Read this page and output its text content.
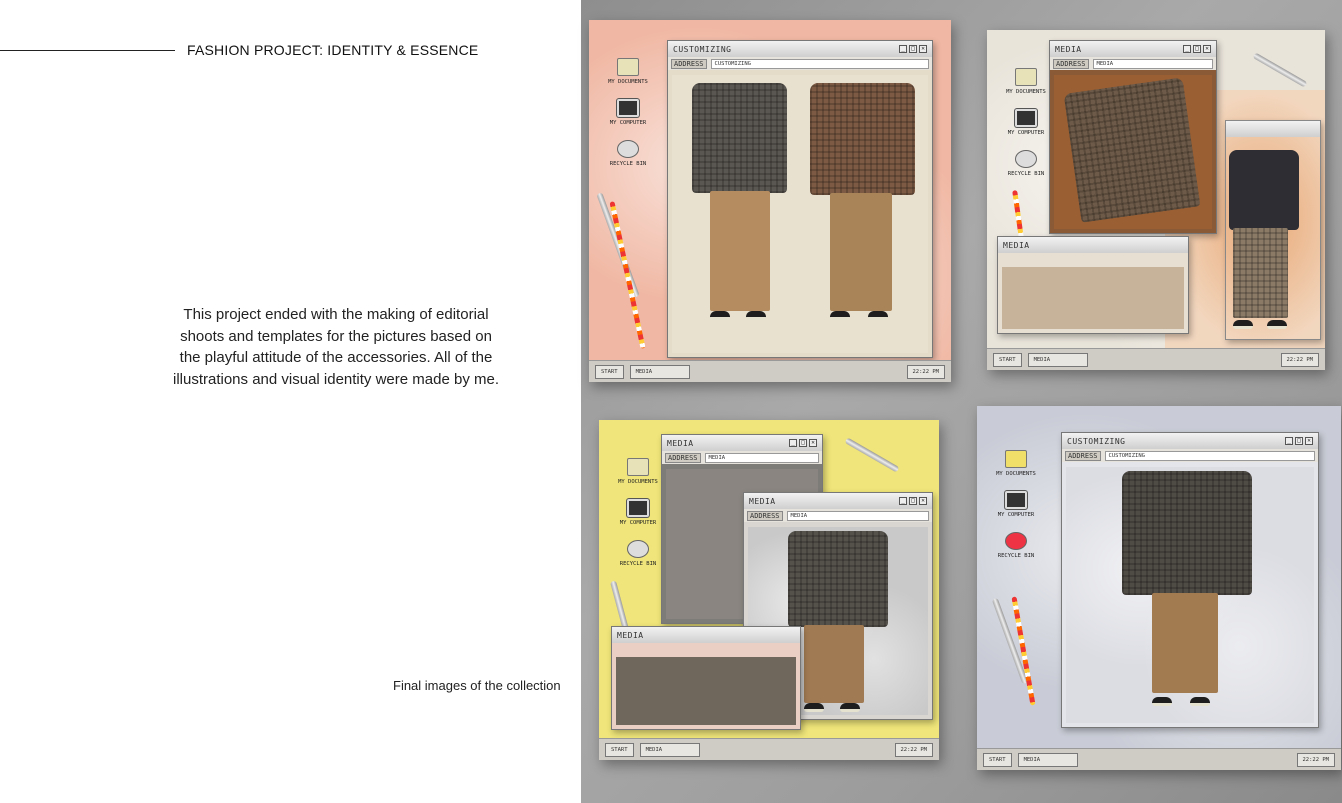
FASHION PROJECT: IDENTITY & ESSENCE

This project ended with the making of editorial shoots and templates for the pictures based on the playful attitude of the accessories. All of the illustrations and visual identity were made by me.

Final images of the collection
MY DOCUMENTS
MY COMPUTER
RECYCLE BIN
CUSTOMIZING	_	□	✕
ADDRESS	CUSTOMIZING
START	MEDIA	22:22 PM
MY DOCUMENTS
MY COMPUTER
RECYCLE BIN
MEDIA	_	□	✕
ADDRESS	MEDIA
MEDIA
START	MEDIA	22:22 PM
MY DOCUMENTS
MY COMPUTER
RECYCLE BIN
MEDIA	_	□	✕
ADDRESS	MEDIA
MEDIA	_	□	✕
ADDRESS	MEDIA
MEDIA
START	MEDIA	22:22 PM
MY DOCUMENTS
MY COMPUTER
RECYCLE BIN
CUSTOMIZING	_	□	✕
ADDRESS	CUSTOMIZING
START	MEDIA	22:22 PM
